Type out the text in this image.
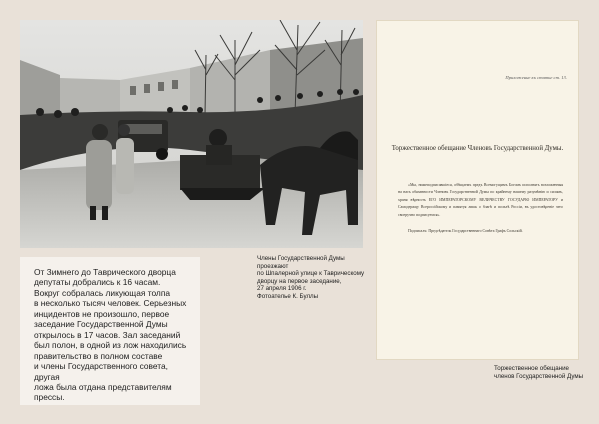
Члены Государственной Думы проезжают
по Шпалерной улице к Таврическому
дворцу на первое заседание,
27 апреля 1906 г.
Фотоателье К. Буллы

От Зимнего до Таврического дворца
депутаты добрались к 16 часам.
Вокруг собралась ликующая толпа
в несколько тысяч человек. Серьезных
инцидентов не произошло, первое
заседание Государственной Думы
открылось в 17 часов. Зал заседаний
был полон, в одной из лож находились
правительство в полном составе
и члены Государственного совета, другая
ложа была отдана представителям
прессы.

Приложение къ статье ст. 13.
Торжественное обещание Членовъ Государственной Думы.
«Мы, нижеподписавшіеся, обѣщаемъ предъ Всемогущимъ Богомъ исполнять возложенныя на насъ обязанности Членовъ Государственной Думы по крайнему нашему разумѣнію и силамъ, храня вѣрность ЕГО ИМПЕРАТОРСКОМУ ВЕЛИЧЕСТВУ ГОСУДАРЮ ИМПЕРАТОРУ и Самодержцу Всероссійскому и памятуя лишь о благѣ и пользѣ Россіи, въ удостовѣреніе чего своеручно подписуемся».
Подписалъ: Предсѣдатель Государственнаго Совѣта Графъ Сольскій.
Торжественное обещание
членов Государственной Думы
